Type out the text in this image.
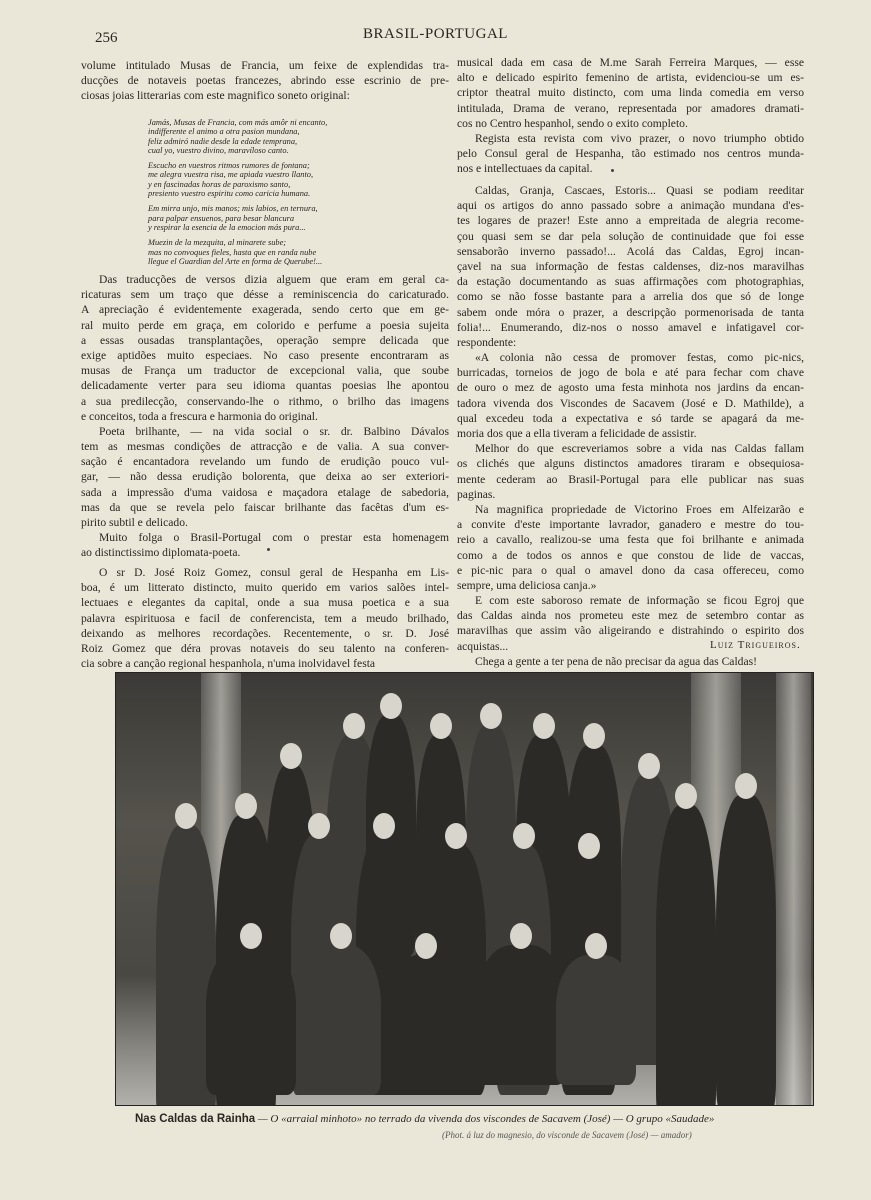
256	BRASIL-PORTUGAL
volume intitulado Musas de Francia, um feixe de explendidas tra-
ducções de notaveis poetas francezes, abrindo esse escrinio de pre-
ciosas joias litterarias com este magnifico soneto original:
Jamás, Musas de Francia, com más amôr ni encanto,
indifferente el animo a otra pasion mundana,
feliz admiró nadie desde la edade temprana,
cual yo, vuestro divino, maravíloso canto.
Escucho en vuestros ritmos rumores de fontana;
me alegra vuestra risa, me apiada vuestro llanto,
y en fascinadas horas de paroxismo santo,
presiento vuestro espiritu como caricia humana.
Em mirra unjo, mis manos; mis labios, en ternura,
para palpar ensuenos, para besar blancura
y respirar la esencia de la emocion más pura...
Muezin de la mezquita, al minarete sube;
mas no convoques fieles, hasta que en randa nube
llegue el Guardian del Arte en forma de Querube!...
Das traducções de versos dizia alguem que eram em geral ca-
ricaturas sem um traço que désse a reminiscencia do caricaturado.
A apreciação é evidentemente exagerada, sendo certo que em ge-
ral muito perde em graça, em colorido e perfume a poesia sujeita
a essas ousadas transplantações, operação sempre delicada que
exige aptidões muito especiaes. No caso presente encontraram as
musas de França um traductor de excepcional valia, que soube
delicadamente verter para seu idioma quantas poesias lhe apontou
a sua predilecção, conservando-lhe o rithmo, o brilho das imagens
e conceitos, toda a frescura e harmonia do original.
Poeta brilhante, — na vida social o sr. dr. Balbino Dávalos
tem as mesmas condições de attracção e de valia. A sua conver-
sação é encantadora revelando um fundo de erudição pouco vul-
gar, — não dessa erudição bolorenta, que deixa ao ser exteriori-
sada a impressão d'uma vaidosa e maçadora etalage de sabedoria,
mas da que se revela pelo faiscar brilhante das facêtas d'um es-
pirito subtil e delicado.
Muito folga o Brasil-Portugal com o prestar esta homenagem
ao distinctissimo diplomata-poeta.
O sr D. José Roiz Gomez, consul geral de Hespanha em Lis-
boa, é um litterato distincto, muito querido em varios salões intel-
lectuaes e elegantes da capital, onde a sua musa poetica e a sua
palavra espirituosa e facil de conferencista, tem a meudo brilhado,
deixando as melhores recordações. Recentemente, o sr. D. José
Roiz Gomez que déra provas notaveis do seu talento na conferen-
cia sobre a canção regional hespanhola, n'uma inolvidavel festa
musical dada em casa de M.me Sarah Ferreira Marques, — esse
alto e delicado espirito femenino de artista, evidenciou-se um es-
criptor theatral muito distincto, com uma linda comedia em verso
intitulada, Drama de verano, representada por amadores dramati-
cos no Centro hespanhol, sendo o exito completo.
Regista esta revista com vivo prazer, o novo triumpho obtido
pelo Consul geral de Hespanha, tão estimado nos centros munda-
nos e intellectuaes da capital.
Caldas, Granja, Cascaes, Estoris... Quasi se podiam reeditar
aqui os artigos do anno passado sobre a animação mundana d'es-
tes logares de prazer! Este anno a empreitada de alegria recome-
çou quasi sem se dar pela solução de continuidade que foi esse
sensaborão inverno passado!... Acolá das Caldas, Egroj incan-
çavel na sua informação de festas caldenses, diz-nos maravilhas
da estação documentando as suas affirmações com photographias,
como se não fosse bastante para a arrelia dos que só de longe
sabem onde móra o prazer, a descripção pormenorisada de tanta
folia!... Enumerando, diz-nos o nosso amavel e infatigavel cor-
respondente:
«A colonia não cessa de promover festas, como pic-nics,
burricadas, torneios de jogo de bola e até para fechar com chave
de ouro o mez de agosto uma festa minhota nos jardins da encan-
tadora vivenda dos Viscondes de Sacavem (José e D. Mathilde), a
qual excedeu toda a expectativa e só tarde se apagará da me-
moria dos que a ella tiveram a felicidade de assistir.
Melhor do que escreveriamos sobre a vida nas Caldas fallam
os clichés que alguns distinctos amadores tiraram e obsequiosa-
mente cederam ao Brasil-Portugal para elle publicar nas suas
paginas.
Na magnifica propriedade de Victorino Froes em Alfeizarão e
a convite d'este importante lavrador, ganadero e mestre do tou-
reio a cavallo, realizou-se uma festa que foi brilhante e animada
como a de todos os annos e que constou de lide de vaccas,
e pic-nic para o qual o amavel dono da casa offereceu, como
sempre, uma deliciosa canja.»
E com este saboroso remate de informação se ficou Egroj que
das Caldas ainda nos prometeu este mez de setembro contar as
maravilhas que assim vão aligeirando e distrahindo o espirito dos
acquistas...
Chega a gente a ter pena de não precisar da agua das Caldas!
Luiz Trigueiros.
Nas Caldas da Rainha — O «arraial minhoto» no terrado da vivenda dos viscondes de Sacavem (José) — O grupo «Saudade»
(Phot. á luz do magnesio, do visconde de Sacavem (José) — amador)
